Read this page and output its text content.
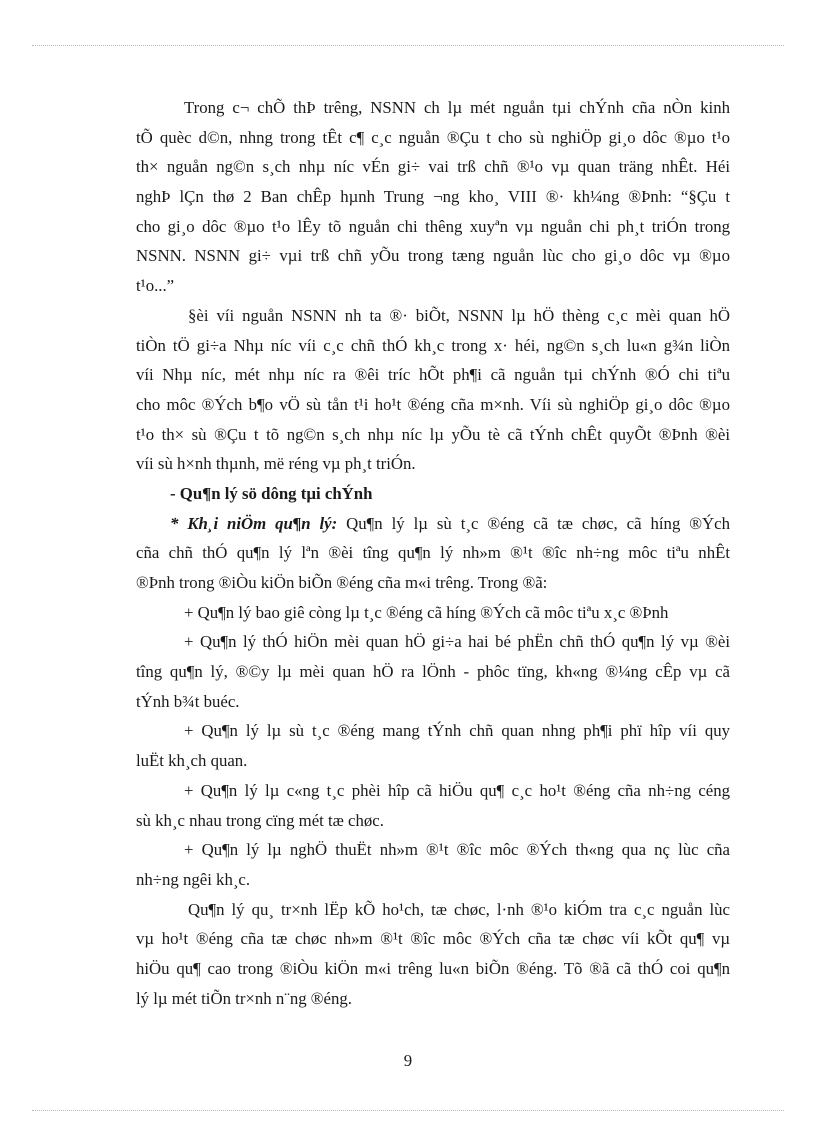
Trong c¬ chÕ thÞ trêng, NSNN ch lµ mét nguån tµi chÝnh cña nÒn kinh
tÕ quèc d©n, nhng trong tÊt c¶ c¸c nguån ®Çu t cho sù nghiÖp gi¸o dôc ®µo t¹o
th× nguån ng©n s¸ch nhµ níc vÉn gi÷ vai trß chñ ®¹o vµ quan träng nhÊt. Héi
nghÞ lÇn thø 2 Ban chÊp hµnh Trung ¬ng kho¸ VIII ®· kh¼ng ®Þnh: “§Çu t
cho gi¸o dôc ®µo t¹o lÊy tõ nguån chi thêng xuyªn vµ nguån chi ph¸t triÓn trong
NSNN. NSNN gi÷ vµi trß chñ yÕu trong tæng nguån lùc cho gi¸o dôc vµ ®µo
t¹o...”
§èi víi nguån NSNN nh ta ®· biÕt, NSNN lµ hÖ thèng c¸c mèi quan hÖ
tiÒn tÖ gi÷a Nhµ níc víi c¸c chñ thÓ kh¸c trong x· héi, ng©n s¸ch lu«n g¾n liÒn
víi Nhµ níc, mét nhµ níc ra ®êi tríc hÕt ph¶i cã nguån tµi chÝnh ®Ó chi tiªu
cho môc ®Ých b¶o vÖ sù tån t¹i ho¹t ®éng cña m×nh. Víi sù nghiÖp gi¸o dôc ®µo
t¹o th× sù ®Çu t tõ ng©n s¸ch nhµ níc lµ yÕu tè cã tÝnh chÊt quyÕt ®Þnh ®èi
víi sù h×nh thµnh, më réng vµ ph¸t triÓn.
- Qu¶n lý sö dông tµi chÝnh
* Kh¸i niÖm qu¶n lý: Qu¶n lý lµ sù t¸c ®éng cã tæ chøc, cã híng ®Ých
cña chñ thÓ qu¶n lý lªn ®èi tîng qu¶n lý nh»m ®¹t ®îc nh÷ng môc tiªu nhÊt
®Þnh trong ®iÒu kiÖn biÕn ®éng cña m«i trêng. Trong ®ã:
+ Qu¶n lý bao giê còng lµ t¸c ®éng cã híng ®Ých cã môc tiªu x¸c ®Þnh
+ Qu¶n lý thÓ hiÖn mèi quan hÖ gi÷a hai bé phËn chñ thÓ qu¶n lý vµ ®èi
tîng qu¶n lý, ®©y lµ mèi quan hÖ ra lÖnh - phôc tïng, kh«ng ®¼ng cÊp vµ cã
tÝnh b¾t buéc.
+ Qu¶n lý lµ sù t¸c ®éng mang tÝnh chñ quan nhng ph¶i phï hîp víi quy
luËt kh¸ch quan.
+ Qu¶n lý lµ c«ng t¸c phèi hîp cã hiÖu qu¶ c¸c ho¹t ®éng cña nh÷ng céng
sù kh¸c nhau trong cïng mét tæ chøc.
+ Qu¶n lý lµ nghÖ thuËt nh»m ®¹t ®îc môc ®Ých th«ng qua nç lùc cña
nh÷ng ngêi kh¸c.
Qu¶n lý qu¸ tr×nh lËp kÕ ho¹ch, tæ chøc, l·nh ®¹o kiÓm tra c¸c nguån lùc
vµ ho¹t ®éng cña tæ chøc nh»m ®¹t ®îc môc ®Ých cña tæ chøc víi kÕt qu¶ vµ
hiÖu qu¶ cao trong ®iÒu kiÖn m«i trêng lu«n biÕn ®éng. Tõ ®ã cã thÓ coi qu¶n
lý lµ mét tiÕn tr×nh n¨ng ®éng.
9
